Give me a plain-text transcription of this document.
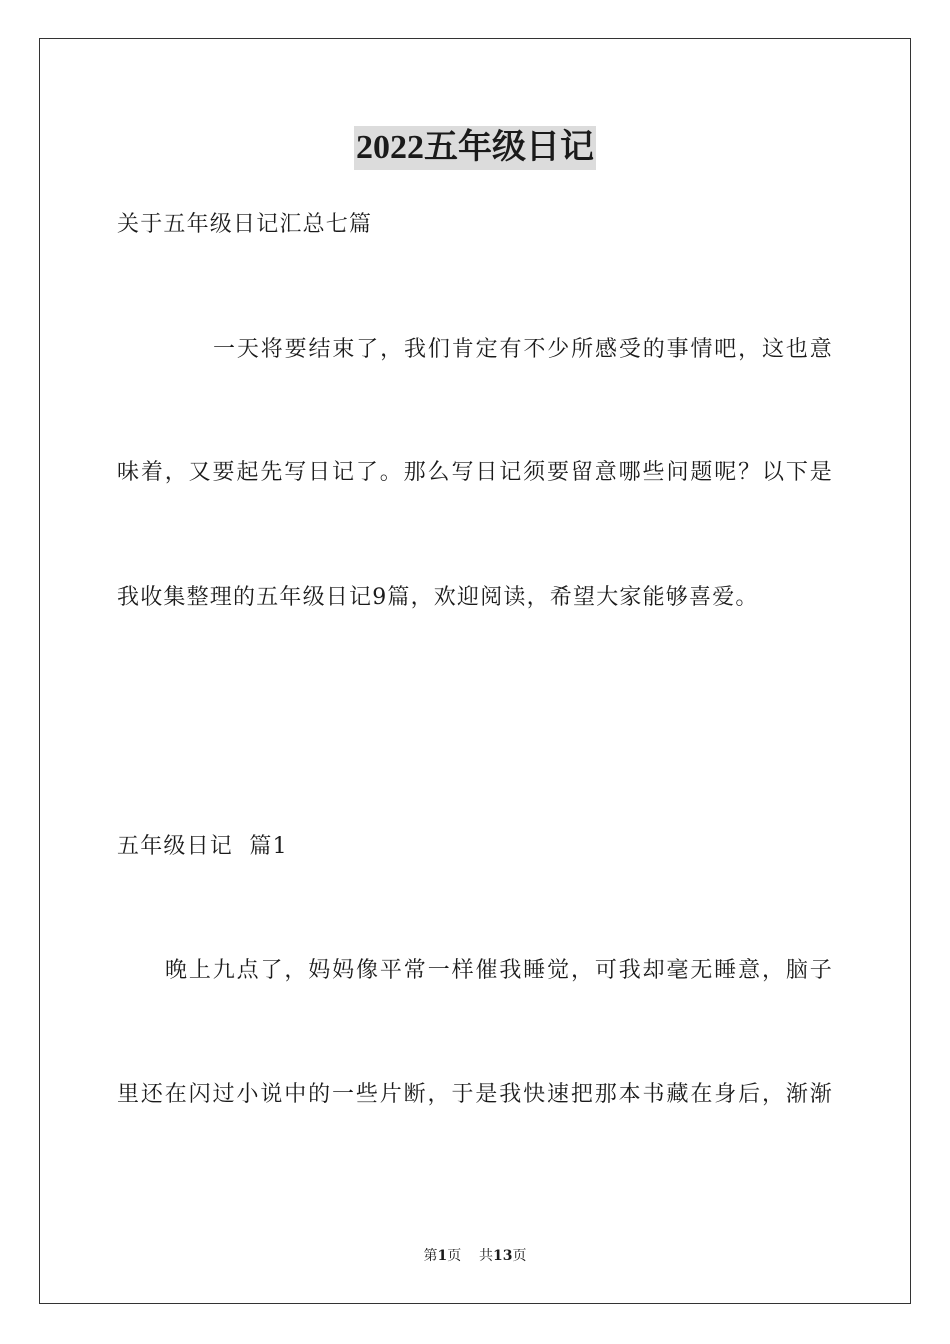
2022五年级日记
关于五年级日记汇总七篇
一天将要结束了，我们肯定有不少所感受的事情吧，这也意
味着，又要起先写日记了。那么写日记须要留意哪些问题呢？以下是
我收集整理的五年级日记9篇，欢迎阅读，希望大家能够喜爱。
五年级日记  篇1
晚上九点了，妈妈像平常一样催我睡觉，可我却毫无睡意，脑子
里还在闪过小说中的一些片断，于是我快速把那本书藏在身后，渐渐
第1页 共13页
